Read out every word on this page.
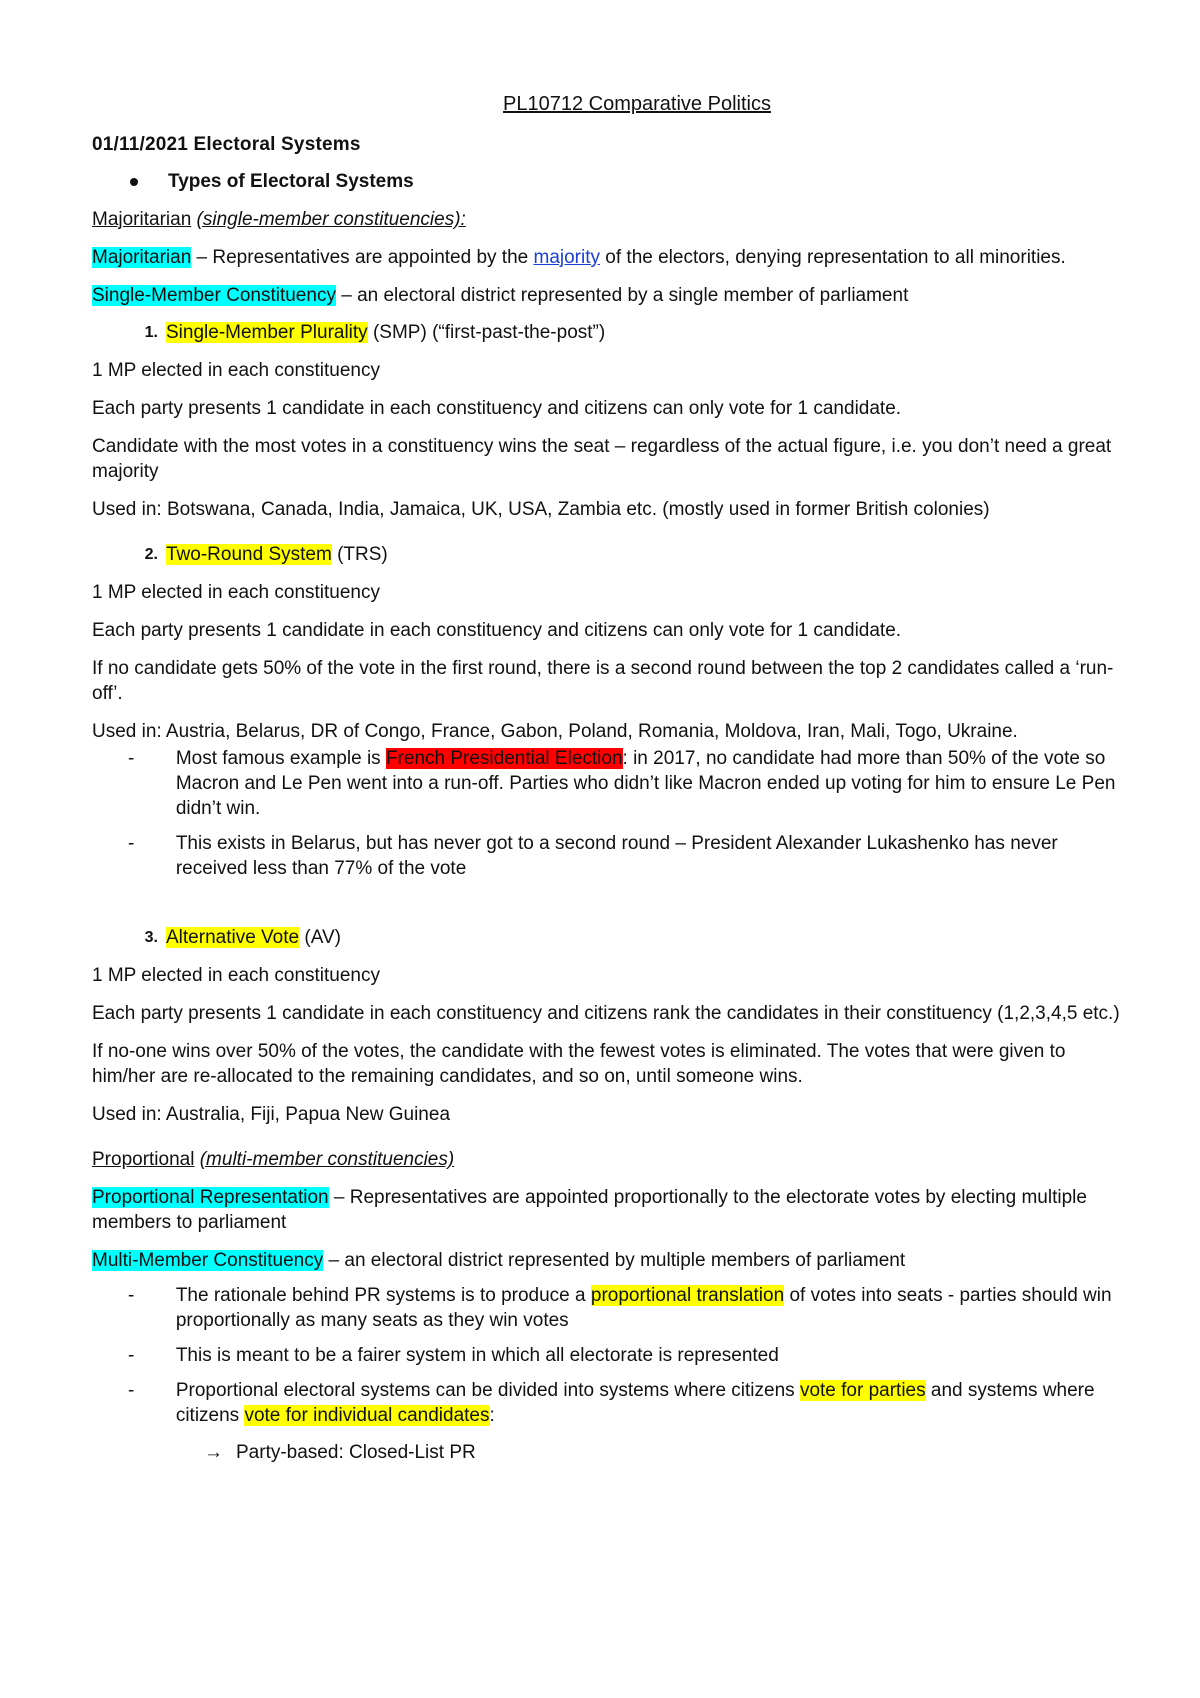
PL10712 Comparative Politics
01/11/2021 Electoral Systems
Types of Electoral Systems

Majoritarian (single-member constituencies):

Majoritarian – Representatives are appointed by the majority of the electors, denying representation to all minorities.

Single-Member Constituency – an electoral district represented by a single member of parliament

1. Single-Member Plurality (SMP) (“first-past-the-post”)

1 MP elected in each constituency

Each party presents 1 candidate in each constituency and citizens can only vote for 1 candidate.

Candidate with the most votes in a constituency wins the seat – regardless of the actual figure, i.e. you don’t need a great majority

Used in: Botswana, Canada, India, Jamaica, UK, USA, Zambia etc. (mostly used in former British colonies)

2. Two-Round System (TRS)

1 MP elected in each constituency

Each party presents 1 candidate in each constituency and citizens can only vote for 1 candidate.

If no candidate gets 50% of the vote in the first round, there is a second round between the top 2 candidates called a ‘run-off’.

Used in: Austria, Belarus, DR of Congo, France, Gabon, Poland, Romania, Moldova, Iran, Mali, Togo, Ukraine.

-	Most famous example is French Presidential Election: in 2017, no candidate had more than 50% of the vote so Macron and Le Pen went into a run-off. Parties who didn’t like Macron ended up voting for him to ensure Le Pen didn’t win.
-	This exists in Belarus, but has never got to a second round – President Alexander Lukashenko has never received less than 77% of the vote
3. Alternative Vote (AV)

1 MP elected in each constituency

Each party presents 1 candidate in each constituency and citizens rank the candidates in their constituency (1,2,3,4,5 etc.)

If no-one wins over 50% of the votes, the candidate with the fewest votes is eliminated. The votes that were given to him/her are re-allocated to the remaining candidates, and so on, until someone wins.

Used in: Australia, Fiji, Papua New Guinea

Proportional (multi-member constituencies)

Proportional Representation – Representatives are appointed proportionally to the electorate votes by electing multiple members to parliament

Multi-Member Constituency – an electoral district represented by multiple members of parliament

-	The rationale behind PR systems is to produce a proportional translation of votes into seats - parties should win proportionally as many seats as they win votes
-	This is meant to be a fairer system in which all electorate is represented
-	Proportional electoral systems can be divided into systems where citizens vote for parties and systems where citizens vote for individual candidates:
→ Party-based: Closed-List PR
